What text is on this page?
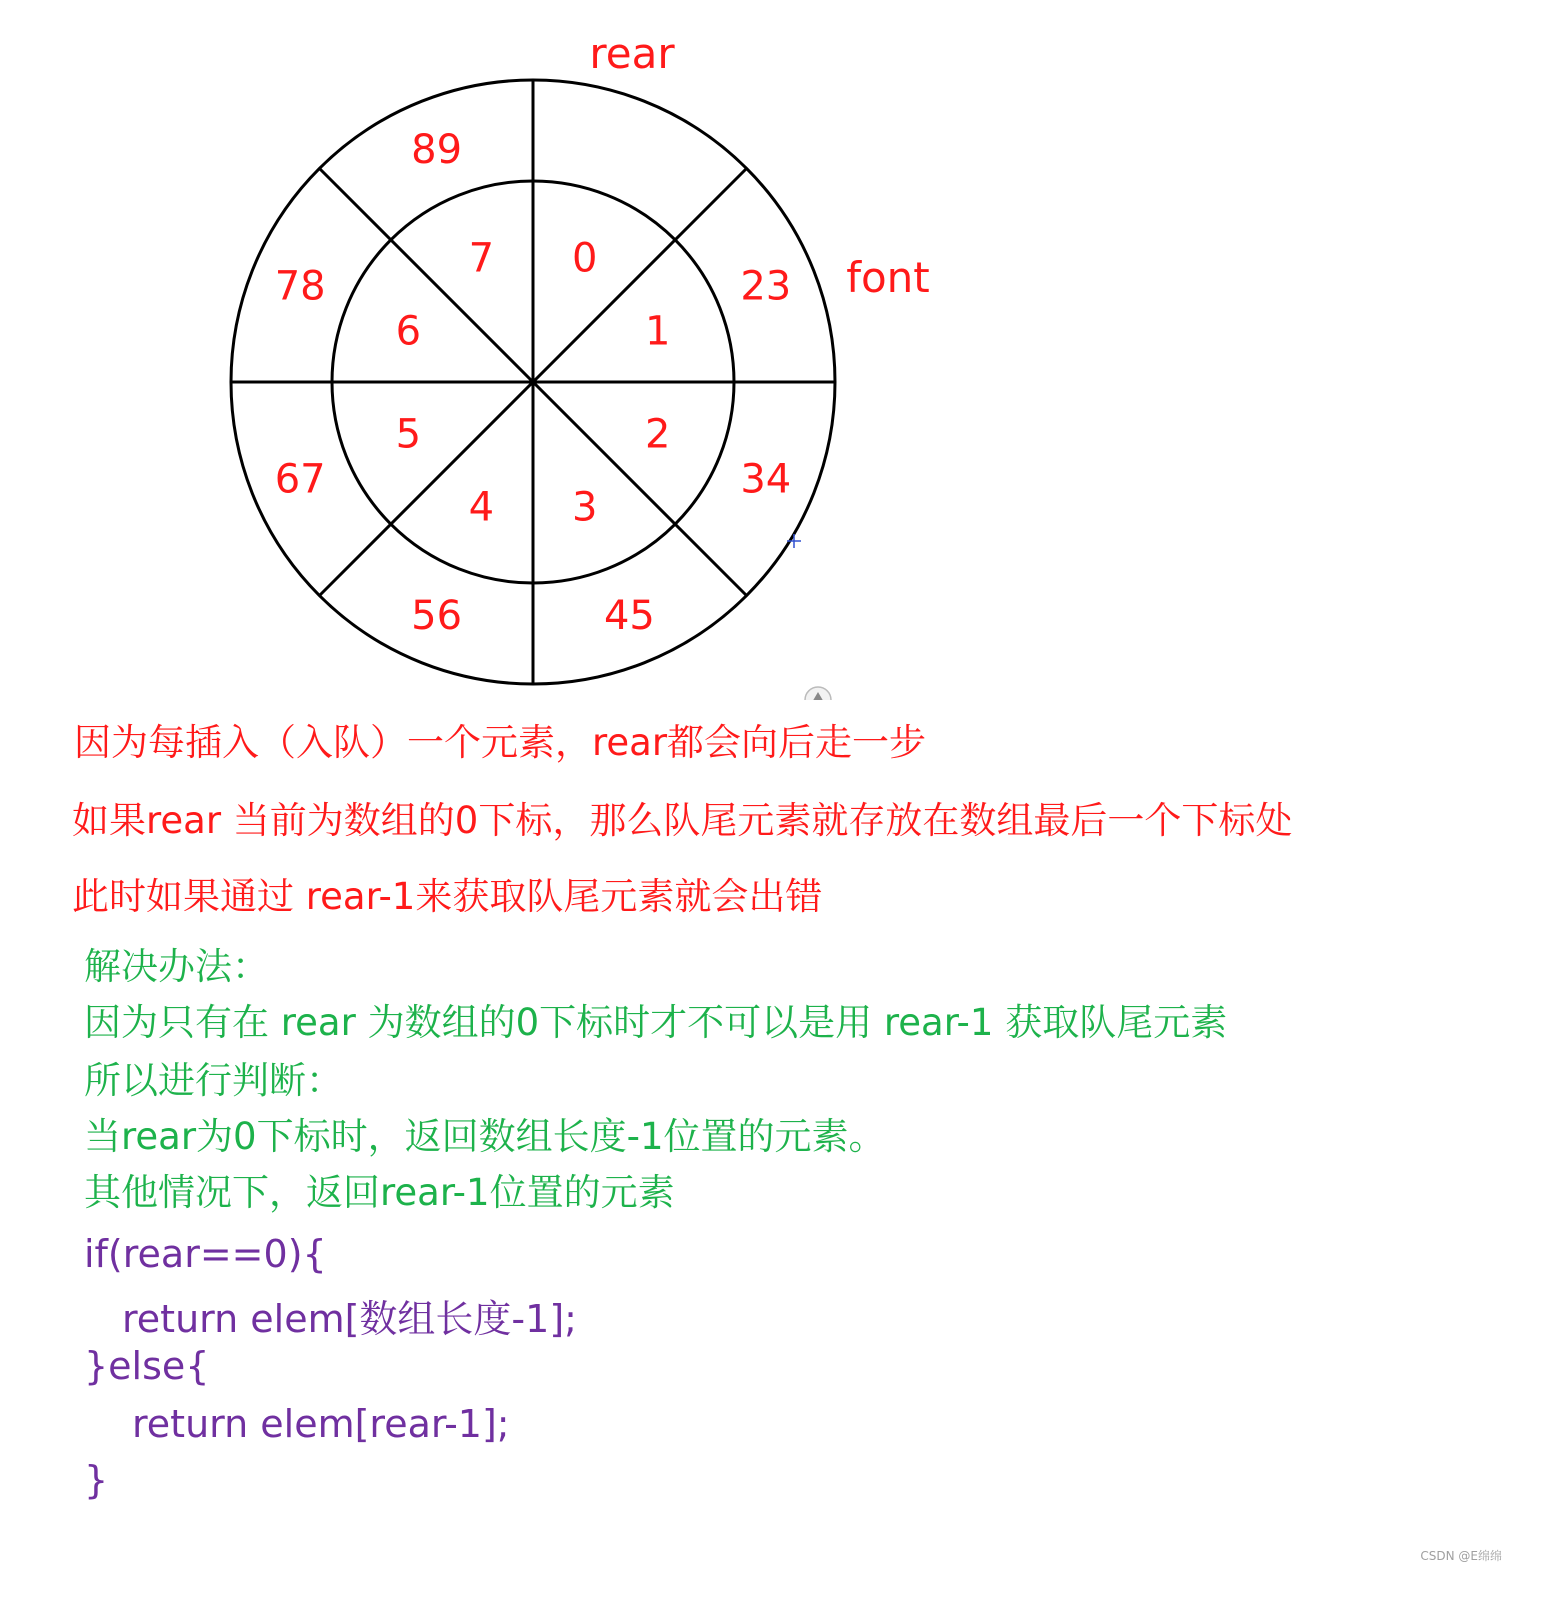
0
1
2
3
4
5
6
7
23
34
45
56
67
78
89
rear
font
因为每插入（入队）一个元素，rear都会向后走一步
如果rear 当前为数组的0下标，那么队尾元素就存放在数组最后一个下标处
此时如果通过 rear-1来获取队尾元素就会出错
解决办法：
因为只有在 rear 为数组的0下标时才不可以是用 rear-1 获取队尾元素
所以进行判断：
当rear为0下标时，返回数组长度-1位置的元素。
其他情况下，返回rear-1位置的元素
if(rear==0){
return elem[数组长度-1];
}else{
return elem[rear-1];
}
CSDN @E绵绵
